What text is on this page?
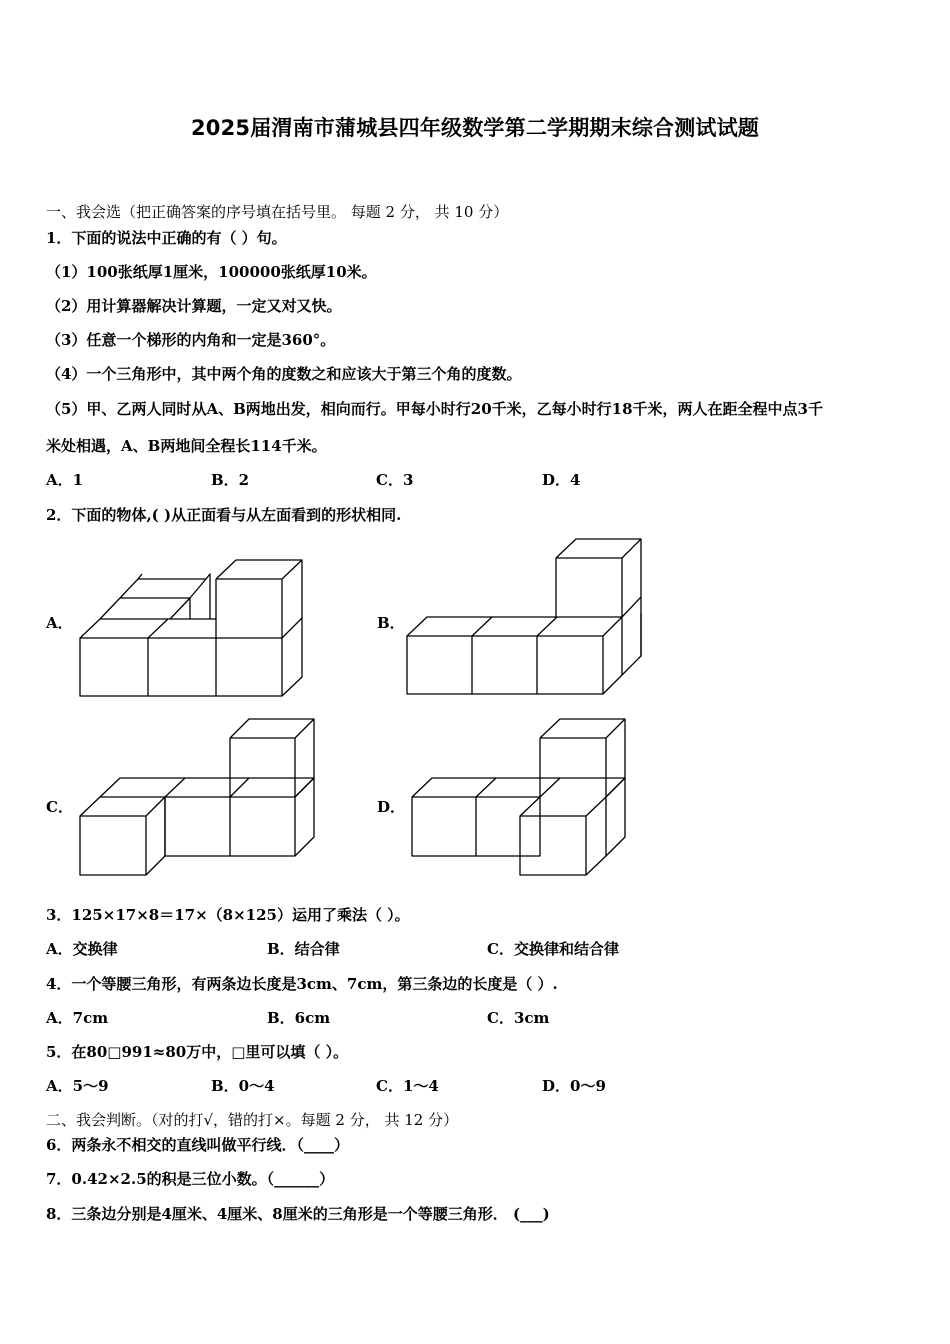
2025届渭南市蒲城县四年级数学第二学期期末综合测试试题
一、我会选（把正确答案的序号填在括号里。 每题 2 分， 共 10 分）
1．下面的说法中正确的有（ ）句。
（1）100张纸厚1厘米，100000张纸厚10米。
（2）用计算器解决计算题，一定又对又快。
（3）任意一个梯形的内角和一定是360°。
（4）一个三角形中，其中两个角的度数之和应该大于第三个角的度数。
（5）甲、乙两人同时从A、B两地出发，相向而行。甲每小时行20千米，乙每小时行18千米，两人在距全程中点3千
米处相遇，A、B两地间全程长114千米。
A．1	B．2	C．3	D．4
2．下面的物体,( )从正面看与从左面看到的形状相同.
A．	B．
C．	D．
3．125×17×8＝17×（8×125）运用了乘法（ ）。
A．交换律	B．结合律	C．交换律和结合律
4．一个等腰三角形，有两条边长度是3cm、7cm，第三条边的长度是（ ）.
A．7cm	B．6cm	C．3cm
5．在80□991≈80万中，□里可以填（ ）。
A．5～9	B．0～4	C．1～4	D．0～9
二、我会判断。（对的打√，错的打×。每题 2 分， 共 12 分）
6．两条永不相交的直线叫做平行线．（____）
7．0.42×2.5的积是三位小数。（______）
8．三条边分别是4厘米、4厘米、8厘米的三角形是一个等腰三角形． (___)
